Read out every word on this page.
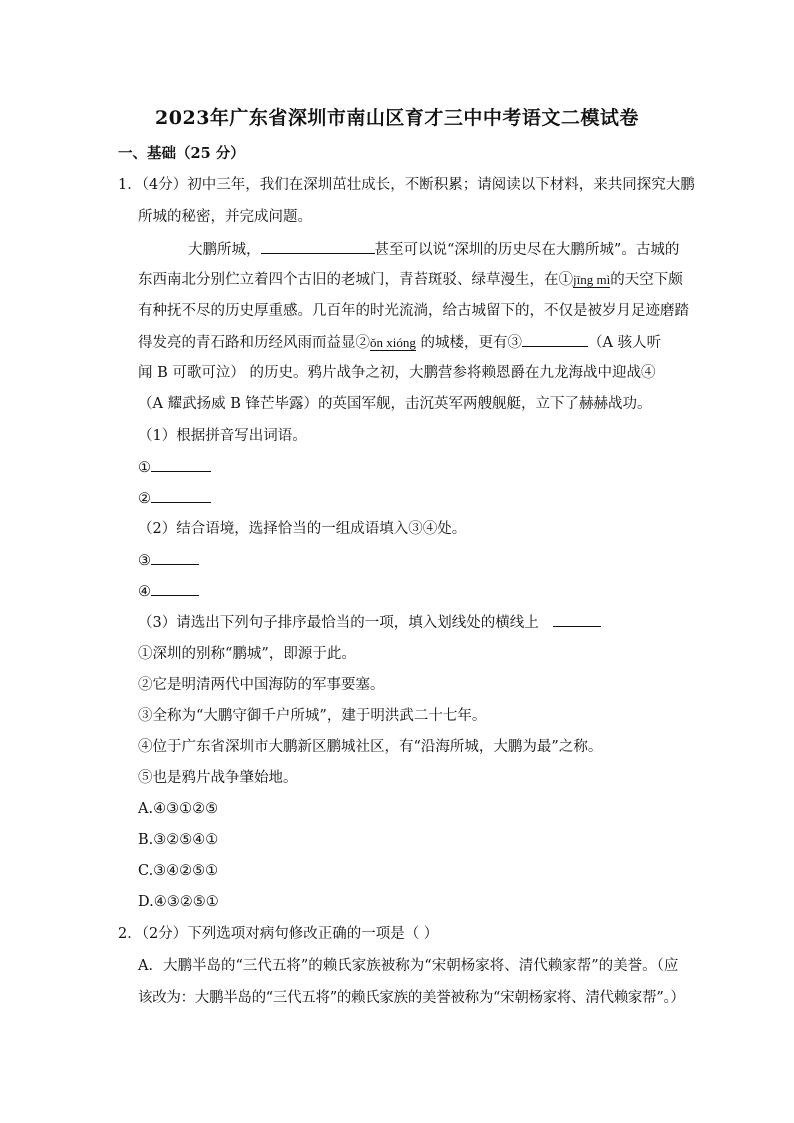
2023年广东省深圳市南山区育才三中中考语文二模试卷
一、基础（25 分）
1．（4分）初中三年，我们在深圳茁壮成长，不断积累；请阅读以下材料，来共同探究大鹏
所城的秘密，并完成问题。
大鹏所城，	甚至可以说“深圳的历史尽在大鹏所城”。古城的
东西南北分别伫立着四个古旧的老城门，青苔斑驳、绿草漫生，在①jīng mì的天空下颇
有种抚不尽的历史厚重感。几百年的时光流淌，给古城留下的，不仅是被岁月足迹磨踏
得发亮的青石路和历经风雨而益显②ǒn xióng 的城楼，更有③	（A 骇人听
闻 B 可歌可泣） 的历史。鸦片战争之初，大鹏营参将赖恩爵在九龙海战中迎战④
（A 耀武扬威 B 锋芒毕露）的英国军舰，击沉英军两艘舰艇，立下了赫赫战功。
（1）根据拼音写出词语。
①
②
（2）结合语境，选择恰当的一组成语填入③④处。
③
④
（3）请选出下列句子排序最恰当的一项，填入划线处的横线上
①深圳的别称“鹏城”，即源于此。
②它是明清两代中国海防的军事要塞。
③全称为“大鹏守御千户所城”，建于明洪武二十七年。
④位于广东省深圳市大鹏新区鹏城社区，有“沿海所城，大鹏为最”之称。
⑤也是鸦片战争肇始地。
A.④③①②⑤
B.③②⑤④①
C.③④②⑤①
D.④③②⑤①
2．（2分）下列选项对病句修改正确的一项是（ ）
A．大鹏半岛的“三代五将”的赖氏家族被称为“宋朝杨家将、清代赖家帮”的美誉。（应
该改为：大鹏半岛的“三代五将”的赖氏家族的美誉被称为“宋朝杨家将、清代赖家帮”。）
